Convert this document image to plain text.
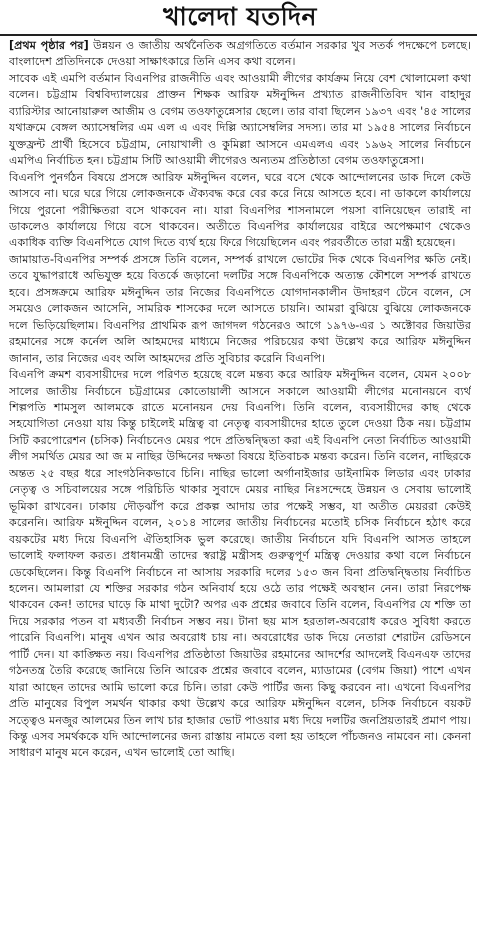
খালেদা যতদিন

[প্রথম পৃষ্ঠার পর] উন্নয়ন ও জাতীয় অর্থনৈতিক অগ্রগতিতে বর্তমান সরকার খুব সতর্ক পদক্ষেপে চলছে। বাংলাদেশ প্রতিদিনকে দেওয়া সাক্ষাৎকারে তিনি এসব কথা বলেন।

সাবেক এই এমপি বর্তমান বিএনপির রাজনীতি এবং আওয়ামী লীগের কার্যক্রম নিয়ে বেশ খোলামেলা কথা বলেন। চট্টগ্রাম বিশ্ববিদ্যালয়ের প্রাক্তন শিক্ষক আরিফ মঈনুদ্দিন প্রখ্যাত রাজনীতিবিদ খান বাহাদুর ব্যারিস্টার আনোয়ারুল আজীম ও বেগম তওফাতুন্নেসার ছেলে। তার বাবা ছিলেন ১৯৩৭ এবং '৪৫ সালের যথাক্রমে বেঙ্গল অ্যাসেম্বলির এম এল এ এবং দিল্লি অ্যাসেম্বলির সদস্য। তার মা ১৯৫৪ সালের নির্বাচনে যুক্তফ্রন্ট প্রার্থী হিসেবে চট্টগ্রাম, নোয়াখালী ও কুমিল্লা আসনে এমএলএ এবং ১৯৬২ সালের নির্বাচনে এমপিএ নির্বাচিত হন। চট্টগ্রাম সিটি আওয়ামী লীগেরও অন্যতম প্রতিষ্ঠাতা বেগম তওফাতুন্নেসা।

বিএনপি পুনর্গঠন বিষয়ে প্রসঙ্গে আরিফ মঈনুদ্দিন বলেন, ঘরে বসে থেকে আন্দোলনের ডাক দিলে কেউ আসবে না। ঘরে ঘরে গিয়ে লোকজনকে ঐক্যবদ্ধ করে বের করে নিয়ে আসতে হবে। না ডাকলে কার্যালয়ে গিয়ে পুরনো পরীক্ষিতরা বসে থাকবেন না। যারা বিএনপির শাসনামলে পয়সা বানিয়েছেন তারাই না ডাকলেও কার্যালয়ে গিয়ে বসে থাকবেন। অতীতে বিএনপির কার্যালয়ের বাইরে অপেক্ষমাণ থেকেও একাধিক ব্যক্তি বিএনপিতে যোগ দিতে ব্যর্থ হয়ে ফিরে গিয়েছিলেন এবং পরবর্তীতে তারা মন্ত্রী হয়েছেন।

জামায়াত-বিএনপির সম্পর্ক প্রসঙ্গে তিনি বলেন, সম্পর্ক রাখলে ভোটের দিক থেকে বিএনপির ক্ষতি নেই। তবে যুদ্ধাপরাধে অভিযুক্ত হয়ে বিতর্কে জড়ানো দলটির সঙ্গে বিএনপিকে অত্যন্ত কৌশলে সম্পর্ক রাখতে হবে। প্রসঙ্গক্রমে আরিফ মঈনুদ্দিন তার নিজের বিএনপিতে যোগদানকালীন উদাহরণ টেনে বলেন, সে সময়েও লোকজন আসেনি, সামরিক শাসকের দলে আসতে চায়নি। আমরা বুঝিয়ে বুঝিয়ে লোকজনকে দলে ভিড়িয়েছিলাম। বিএনপির প্রাথমিক রূপ জাগদল গঠনেরও আগে ১৯৭৬-এর ১ অক্টোবর জিয়াউর রহমানের সঙ্গে কর্নেল অলি আহমদের মাধ্যমে নিজের পরিচয়ের কথা উল্লেখ করে আরিফ মঈনুদ্দিন জানান, তার নিজের এবং অলি আহমদের প্রতি সুবিচার করেনি বিএনপি।

বিএনপি ক্রমশ ব্যবসায়ীদের দলে পরিণত হয়েছে বলে মন্তব্য করে আরিফ মঈনুদ্দিন বলেন, যেমন ২০০৮ সালের জাতীয় নির্বাচনে চট্টগ্রামের কোতোয়ালী আসনে সকালে আওয়ামী লীগের মনোনয়নে ব্যর্থ শিল্পপতি শামসুল আলমকে রাতে মনোনয়ন দেয় বিএনপি। তিনি বলেন, ব্যবসায়ীদের কাছ থেকে সহযোগিতা নেওয়া যায় কিন্তু চাইলেই মন্ত্রিত্ব বা নেতৃত্ব ব্যবসায়ীদের হাতে তুলে দেওয়া ঠিক নয়। চট্টগ্রাম সিটি করপোরেশন (চসিক) নির্বাচনেও মেয়র পদে প্রতিদ্বন্দ্বিতা করা এই বিএনপি নেতা নির্বাচিত আওয়ামী লীগ সমর্থিত মেয়র আ জ ম নাছির উদ্দিনের দক্ষতা বিষয়ে ইতিবাচক মন্তব্য করেন। তিনি বলেন, নাছিরকে অন্তত ২৫ বছর ধরে সাংগঠনিকভাবে চিনি। নাছির ভালো অর্গানাইজার ডাইনামিক লিডার এবং ঢাকার নেতৃত্ব ও সচিবালয়ের সঙ্গে পরিচিতি থাকার সুবাদে মেয়র নাছির নিঃসন্দেহে উন্নয়ন ও সেবায় ভালোই ভূমিকা রাখবেন। ঢাকায় দৌড়ঝাঁপ করে প্রকল্প আদায় তার পক্ষেই সম্ভব, যা অতীত মেয়ররা কেউই করেননি। আরিফ মঈনুদ্দিন বলেন, ২০১৪ সালের জাতীয় নির্বাচনের মতোই চসিক নির্বাচনে হঠাৎ করে বয়কটের মধ্য দিয়ে বিএনপি ঐতিহাসিক ভুল করেছে। জাতীয় নির্বাচনে যদি বিএনপি আসত তাহলে ভালোই ফলাফল করত। প্রধানমন্ত্রী তাদের স্বরাষ্ট্র মন্ত্রীসহ গুরুত্বপূর্ণ মন্ত্রিত্ব দেওয়ার কথা বলে নির্বাচনে ডেকেছিলেন। কিন্তু বিএনপি নির্বাচনে না আসায় সরকারি দলের ১৫৩ জন বিনা প্রতিদ্বন্দ্বিতায় নির্বাচিত হলেন। আমলারা যে শক্তির সরকার গঠন অনিবার্য হয়ে ওঠে তার পক্ষেই অবস্থান নেন। তারা নিরপেক্ষ থাকবেন কেন! তাদের ঘাড়ে কি মাথা দুটো? অপর এক প্রশ্নের জবাবে তিনি বলেন, বিএনপির যে শক্তি তা দিয়ে সরকার পতন বা মধ্যবর্তী নির্বাচন সম্ভব নয়। টানা ছয় মাস হরতাল-অবরোধ করেও সুবিধা করতে পারেনি বিএনপি। মানুষ এখন আর অবরোধ চায় না। অবরোধের ডাক দিয়ে নেতারা শেরাটন রেডিসনে পার্টি দেন। যা কাঙ্ক্ষিত নয়। বিএনপির প্রতিষ্ঠাতা জিয়াউর রহমানের আদর্শের আদলেই বিএনএফ তাদের গঠনতন্ত্র তৈরি করেছে জানিয়ে তিনি আরেক প্রশ্নের জবাবে বলেন, ম্যাডামের (বেগম জিয়া) পাশে এখন যারা আছেন তাদের আমি ভালো করে চিনি। তারা কেউ পার্টির জন্য কিছু করবেন না। এখনো বিএনপির প্রতি মানুষের বিপুল সমর্থন থাকার কথা উল্লেখ করে আরিফ মঈনুদ্দিন বলেন, চসিক নির্বাচনে বয়কট সত্ত্বেও মনজুর আলমের তিন লাখ চার হাজার ভোট পাওয়ার মধ্য দিয়ে দলটির জনপ্রিয়তারই প্রমাণ পায়। কিন্তু এসব সমর্থককে যদি আন্দোলনের জন্য রাস্তায় নামতে বলা হয় তাহলে পাঁচজনও নামবেন না। কেননা সাধারণ মানুষ মনে করেন, এখন ভালোই তো আছি।
